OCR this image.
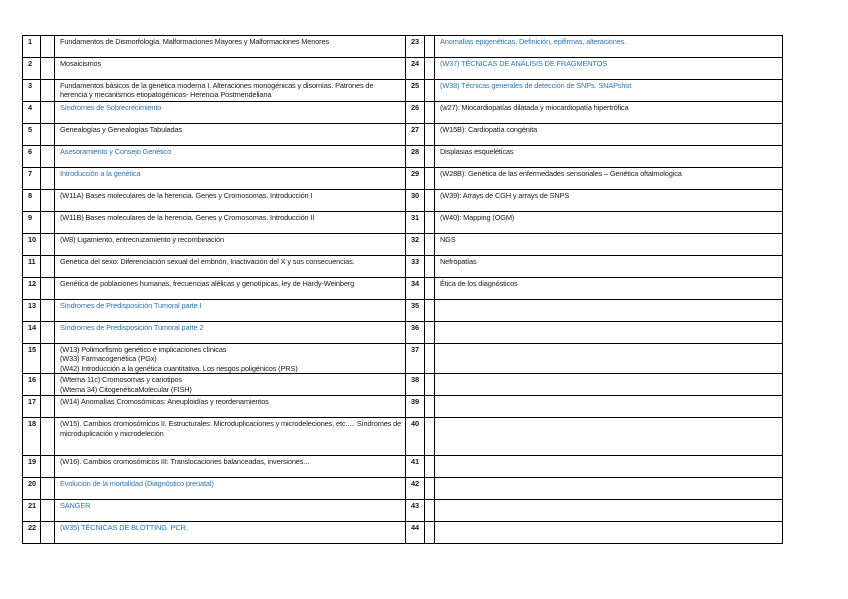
1		Fundamentos de Dismorfología. Malformaciones Mayores y Malformaciones Menores	23		Anomalías epigenéticas. Definición, epifirmas, alteraciones.
2		Mosaicismos	24		(W37) TÉCNICAS DE ANÁLISIS DE FRAGMENTOS
3		Fundamentos básicos de la genética moderna I. Alteraciones monogénicas y disomías. Patrones de herencia y mecanismos etiopatogénicos- Herencia Postmendeliana	25		(W38) Técnicas generales de detección de SNPs. SNAPshot
4		Síndromes de Sobrecrecimiento	26		(w27): Miocardiopatías dilatada y miocardiopatía hipertrófica
5		Genealogías y Genealogías Tabuladas	27		(W15B): Cardiopatía congénita
6		Asesoramiento y Consejo Genético	28		Displasias esqueléticas
7		Introducción a la genética	29		(W28B): Genética de las enfermedades sensoriales – Genética oftalmológica
8		(W11A) Bases moleculares de la herencia. Genes y Cromosomas. Introducción I	30		(W39): Arrays de CGH y arrays de SNPS
9		(W11B) Bases moleculares de la herencia. Genes y Cromosomas. Introducción II	31		(W40): Mapping (OGM)
10		(W8) Ligamiento, entrecruzamiento y recombinación	32		NGS
11		Genética del sexo: Diferenciación sexual del embrión, Inactivación del X y sus consecuencias.	33		Nefropatías
12		Genética de poblaciones humanas, frecuencias alélicas y genotípicas, ley de Hardy-Weinberg	34		Ética de los diagnósticos
13		Síndromes de Predisposición Tumoral parte I	35		
14		Síndromes de Predisposición Tumoral parte 2	36		
15		(W13) Polimorfismo genético e implicaciones clínicas
(W33) Farmacogenética (PGx)
(W42) Introducción a la genética cuantitativa. Los riesgos poligénicos (PRS)	37		
16		(Wtema 11c) Cromosomas y cariotipos
(Wtema 34) CitogenéticaMolecular (FISH)	38		
17		(W14) Anomalías Cromosómicas: Aneuploidías y reordenamientos	39		
18		(W15). Cambios cromosómicos II. Estructurales: Microduplicaciones y microdeleciones, etc..... Síndromes de microduplicación y microdeleción	40		
19		(W16). Cambios cromosómicos III: Translocaciones balanceadas, inversiones...	41		
20		Evolución de la mortalidad (Diagnóstico prenatal)	42		
21		SANGER	43		
22		(W35) TÉCNICAS DE BLOTTING. PCR.	44		
